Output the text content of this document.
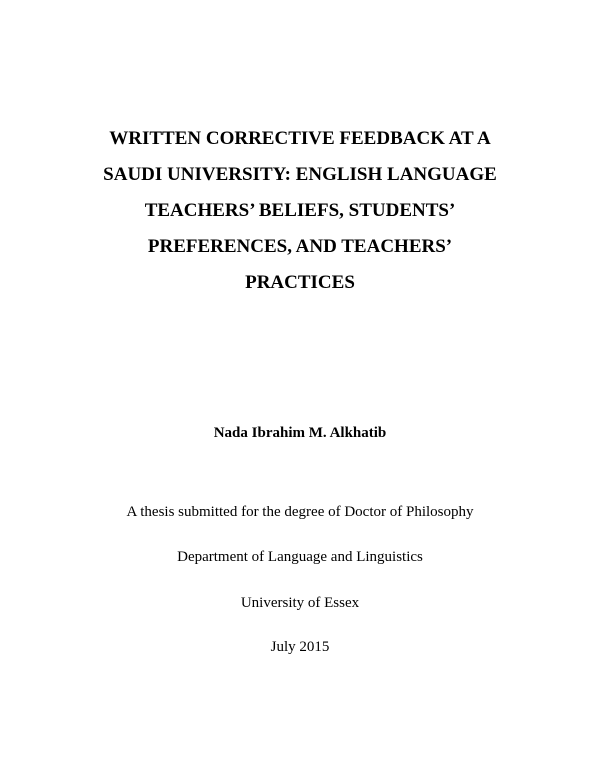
WRITTEN CORRECTIVE FEEDBACK AT A
SAUDI UNIVERSITY: ENGLISH LANGUAGE
TEACHERS’ BELIEFS, STUDENTS’
PREFERENCES, AND TEACHERS’
PRACTICES
Nada Ibrahim M. Alkhatib
A thesis submitted for the degree of Doctor of Philosophy
Department of Language and Linguistics
University of Essex
July 2015
